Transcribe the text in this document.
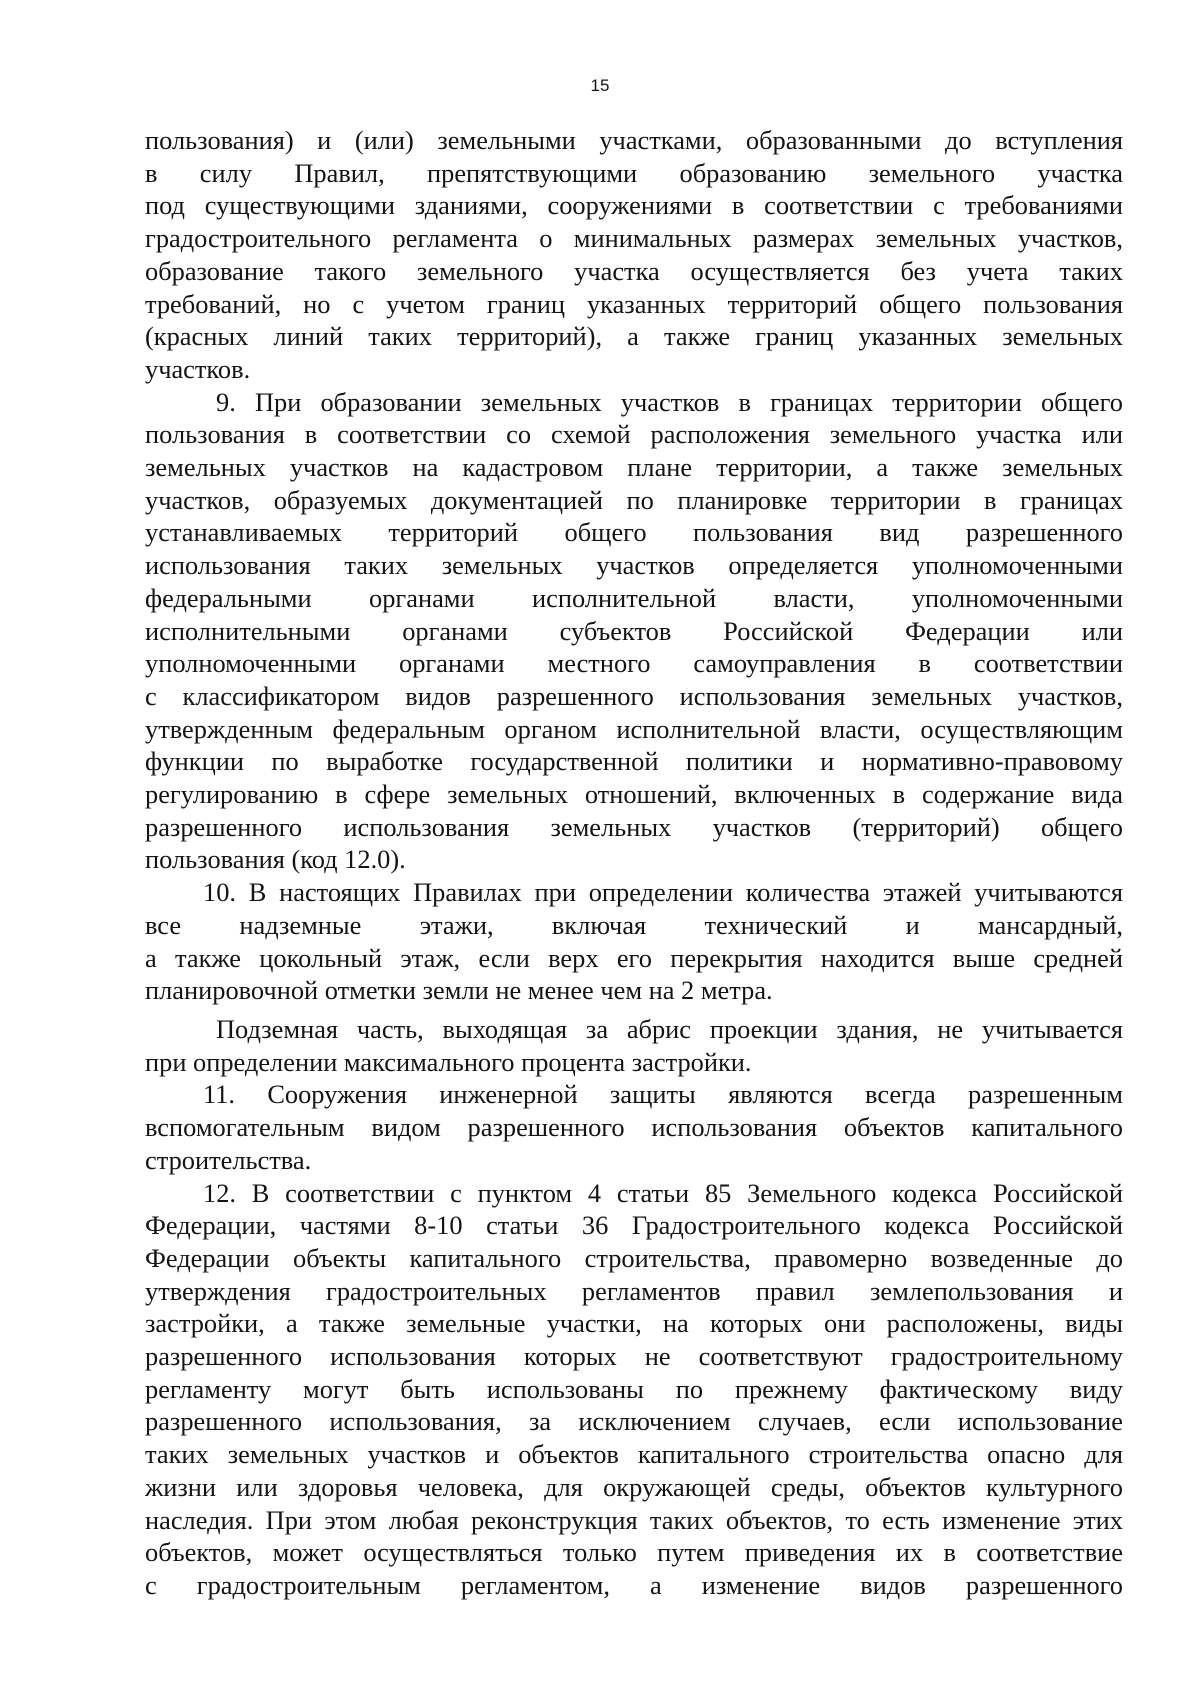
15
пользования) и (или) земельными участками, образованными до вступления
в силу Правил, препятствующими образованию земельного участка
под существующими зданиями, сооружениями в соответствии с требованиями
градостроительного регламента о минимальных размерах земельных участков,
образование такого земельного участка осуществляется без учета таких
требований, но с учетом границ указанных территорий общего пользования
(красных линий таких территорий), а также границ указанных земельных
участков.
9. При образовании земельных участков в границах территории общего
пользования в соответствии со схемой расположения земельного участка или
земельных участков на кадастровом плане территории, а также земельных
участков, образуемых документацией по планировке территории в границах
устанавливаемых территорий общего пользования вид разрешенного
использования таких земельных участков определяется уполномоченными
федеральными органами исполнительной власти, уполномоченными
исполнительными органами субъектов Российской Федерации или
уполномоченными органами местного самоуправления в соответствии
с классификатором видов разрешенного использования земельных участков,
утвержденным федеральным органом исполнительной власти, осуществляющим
функции по выработке государственной политики и нормативно-правовому
регулированию в сфере земельных отношений, включенных в содержание вида
разрешенного использования земельных участков (территорий) общего
пользования (код 12.0).
10. В настоящих Правилах при определении количества этажей учитываются
все надземные этажи, включая технический и мансардный,
а также цокольный этаж, если верх его перекрытия находится выше средней
планировочной отметки земли не менее чем на 2 метра.
Подземная часть, выходящая за абрис проекции здания, не учитывается
при определении максимального процента застройки.
11. Сооружения инженерной защиты являются всегда разрешенным
вспомогательным видом разрешенного использования объектов капитального
строительства.
12. В соответствии с пунктом 4 статьи 85 Земельного кодекса Российской
Федерации, частями 8-10 статьи 36 Градостроительного кодекса Российской
Федерации объекты капитального строительства, правомерно возведенные до
утверждения градостроительных регламентов правил землепользования и
застройки, а также земельные участки, на которых они расположены, виды
разрешенного использования которых не соответствуют градостроительному
регламенту могут быть использованы по прежнему фактическому виду
разрешенного использования, за исключением случаев, если использование
таких земельных участков и объектов капитального строительства опасно для
жизни или здоровья человека, для окружающей среды, объектов культурного
наследия. При этом любая реконструкция таких объектов, то есть изменение этих
объектов, может осуществляться только путем приведения их в соответствие
с градостроительным регламентом, а изменение видов разрешенного
